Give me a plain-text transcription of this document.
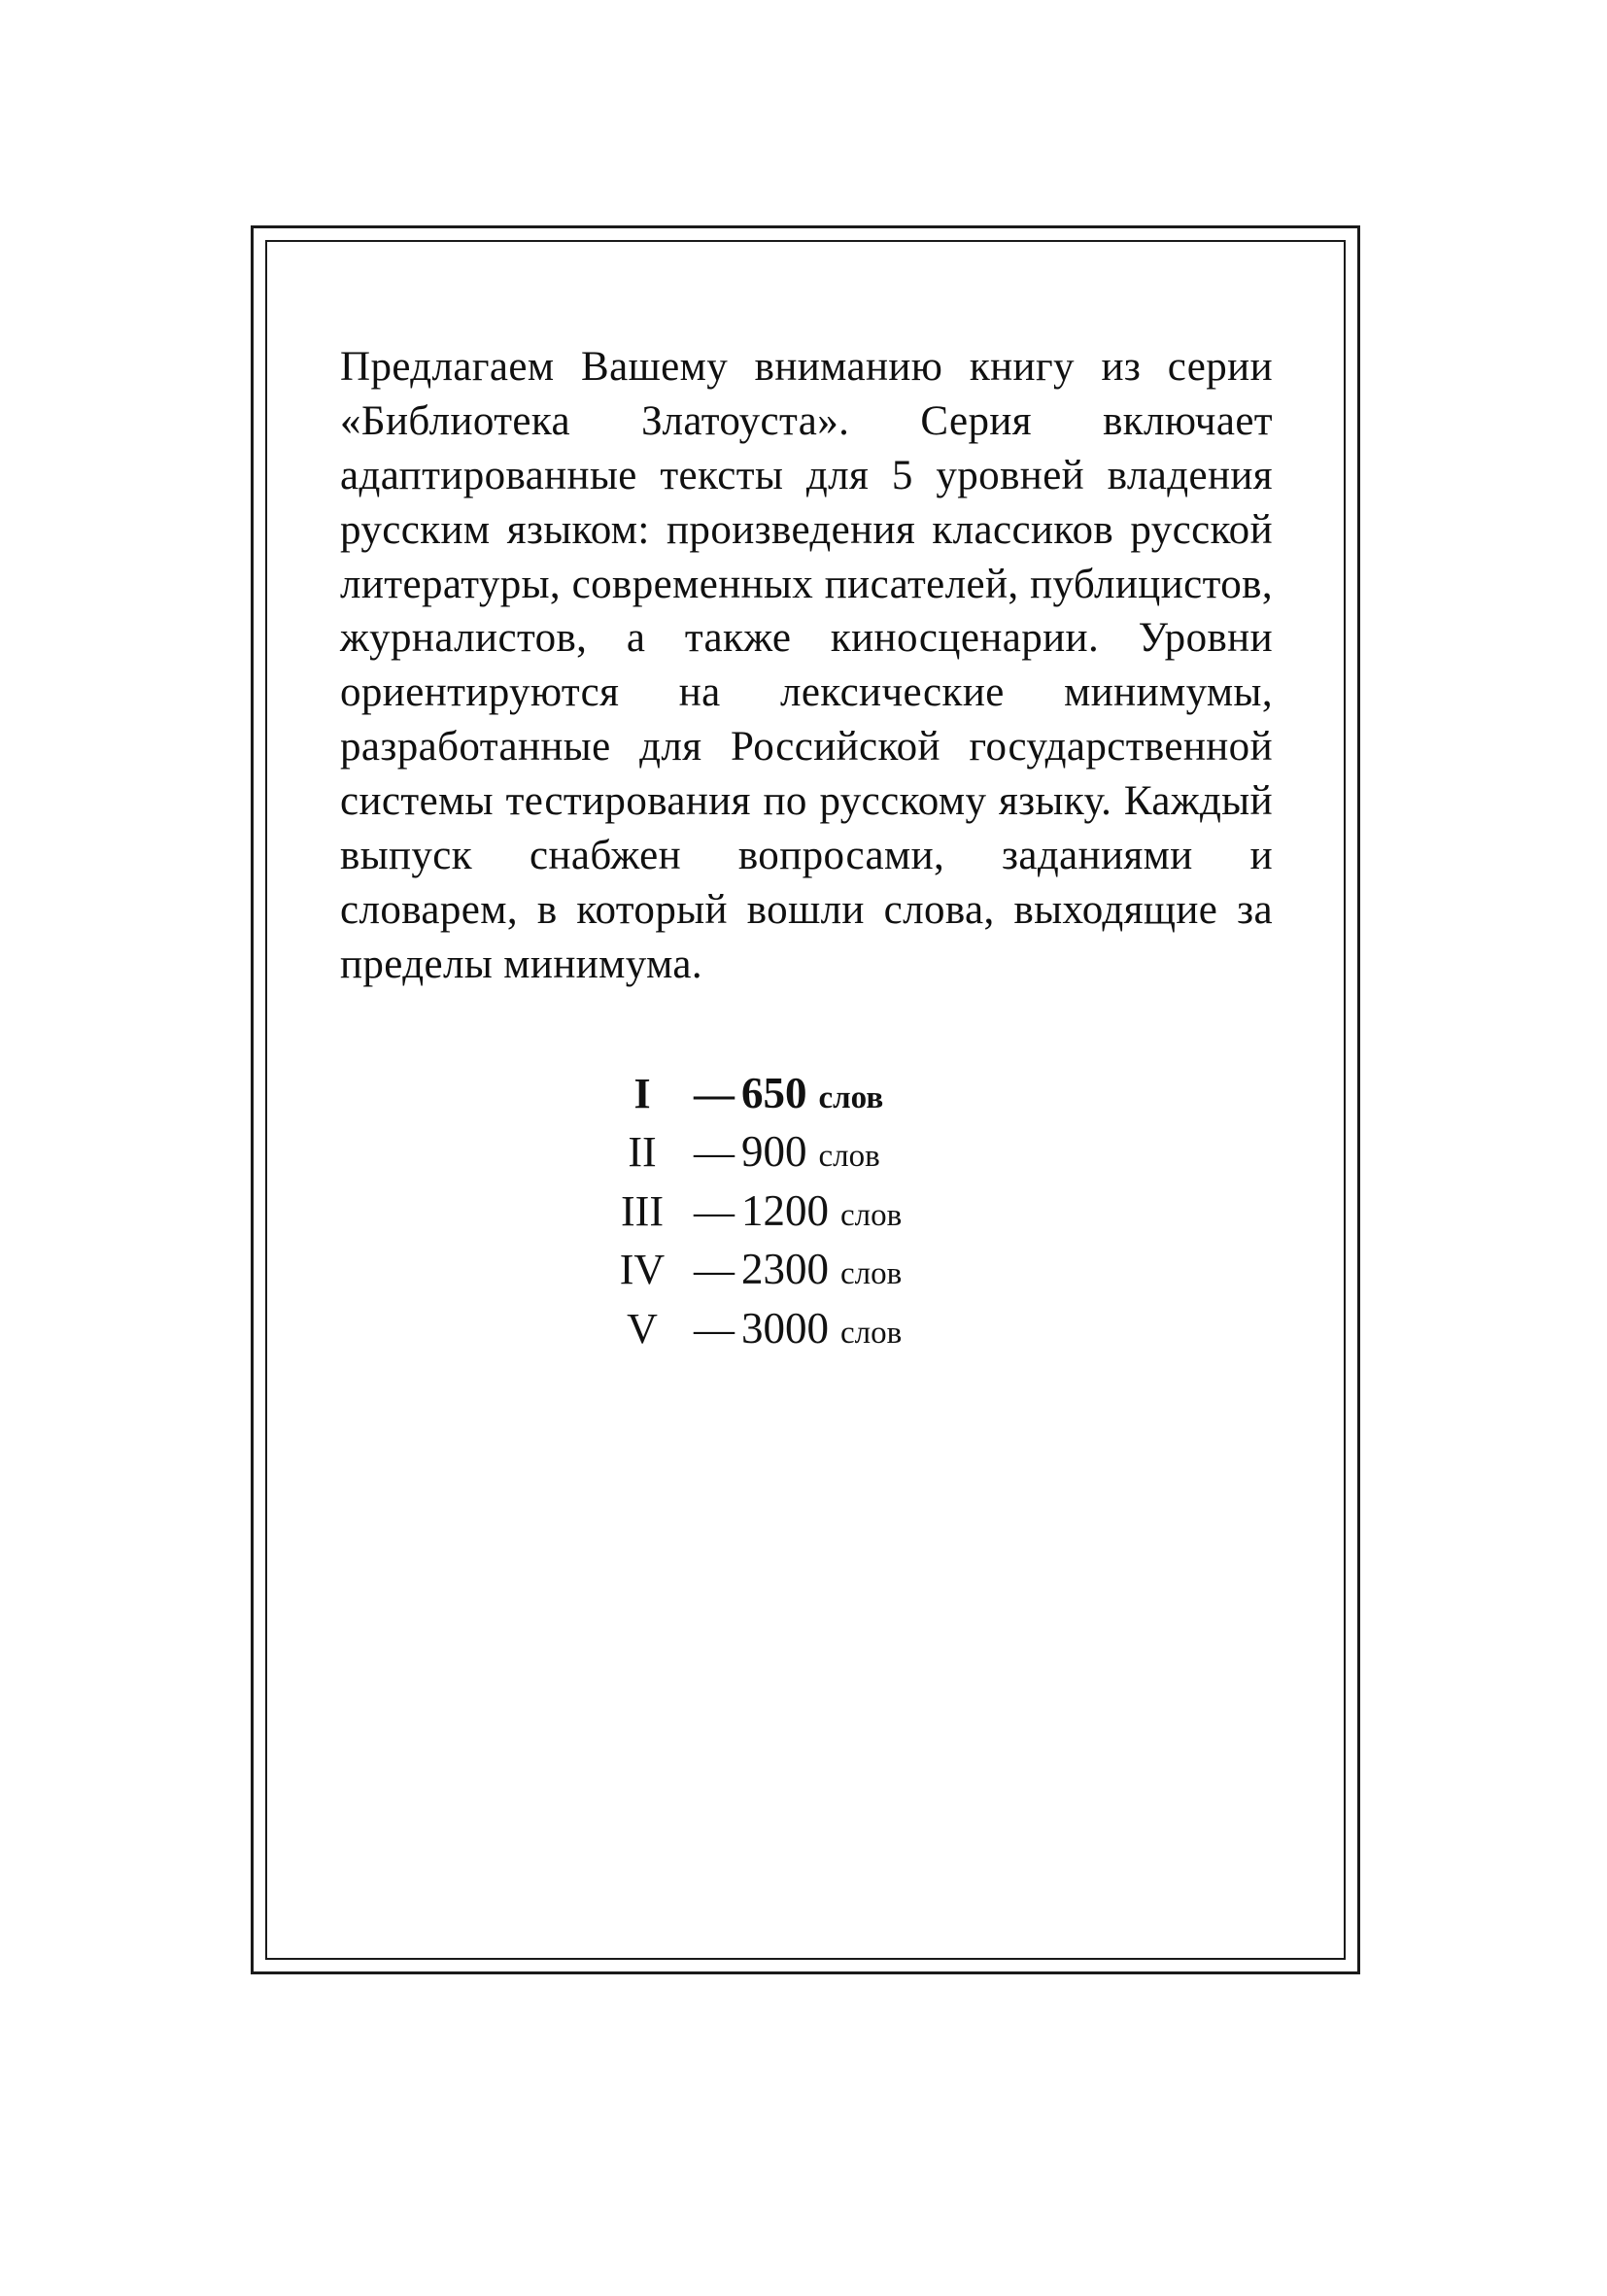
Предлагаем Вашему вниманию книгу из серии «Библиотека Златоуста». Серия включает адаптированные тексты для 5 уровней владения русским языком: произведения классиков русской литературы, современных писателей, публицистов, журналистов, а также киносценарии. Уровни ориентируются на лексические минимумы, разработанные для Российской государственной системы тестирования по русскому языку. Каждый выпуск снабжен вопросами, заданиями и словарем, в который вошли слова, выходящие за пределы минимума.

I	— 650 слов
II — 900 слов
III — 1200 слов
IV — 2300 слов
V — 3000 слов
